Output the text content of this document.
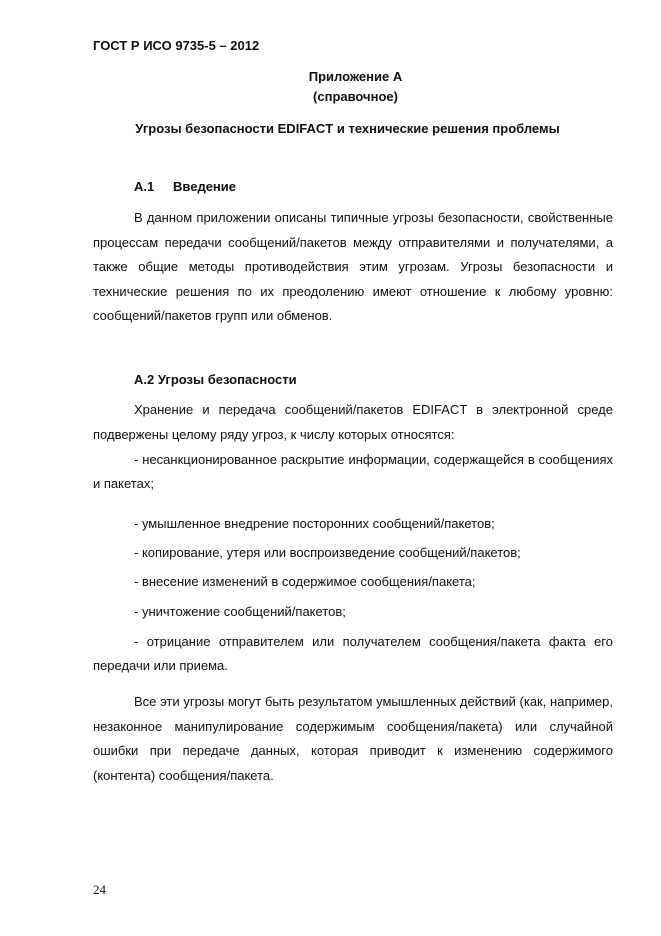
ГОСТ Р ИСО 9735-5 – 2012
Приложение А
(справочное)
Угрозы безопасности EDIFACT и технические решения проблемы
А.1 Введение

В данном приложении описаны типичные угрозы безопасности, свойственные процессам передачи сообщений/пакетов между отправителями и получателями, а также общие методы противодействия этим угрозам. Угрозы безопасности и технические решения по их преодолению имеют отношение к любому уровню: сообщений/пакетов групп или обменов.

А.2 Угрозы безопасности

Хранение и передача сообщений/пакетов EDIFACT в электронной среде подвержены целому ряду угроз, к числу которых относятся:

- несанкционированное раскрытие информации, содержащейся в сообщениях и пакетах;

- умышленное внедрение посторонних сообщений/пакетов;

- копирование, утеря или воспроизведение сообщений/пакетов;

- внесение изменений в содержимое сообщения/пакета;

- уничтожение сообщений/пакетов;

- отрицание отправителем или получателем сообщения/пакета факта его передачи или приема.

Все эти угрозы могут быть результатом умышленных действий (как, например, незаконное манипулирование содержимым сообщения/пакета) или случайной ошибки при передаче данных, которая приводит к изменению содержимого (контента) сообщения/пакета.

24
